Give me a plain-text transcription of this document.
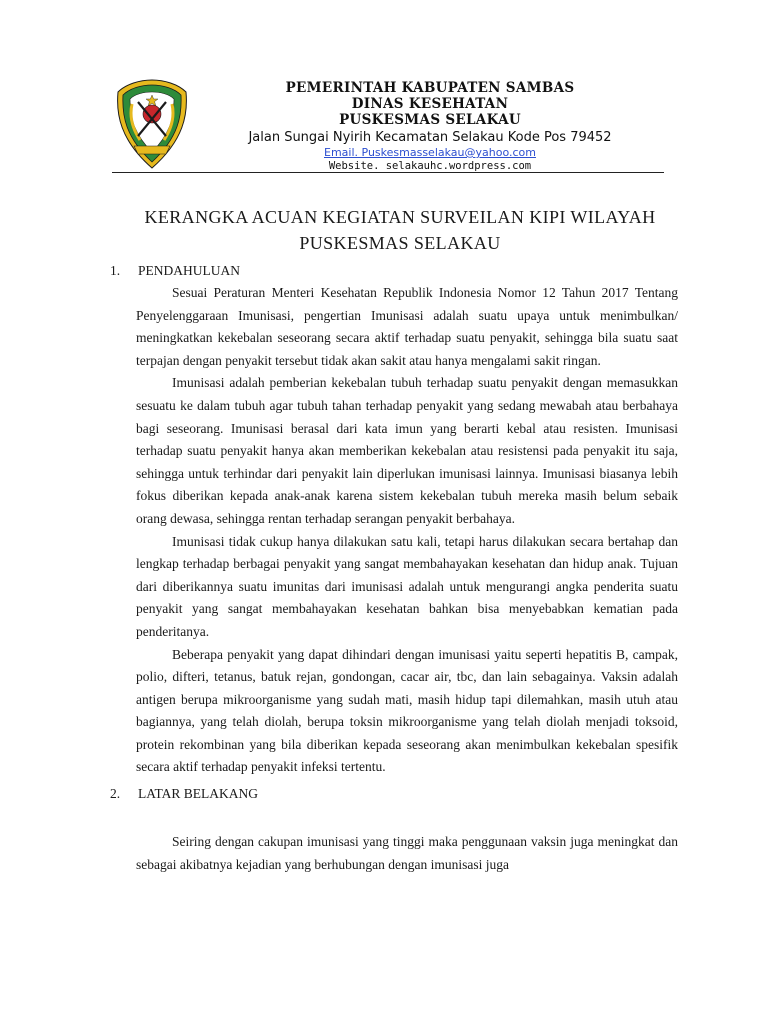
PEMERINTAH KABUPATEN SAMBAS
DINAS KESEHATAN
PUSKESMAS SELAKAU
Jalan Sungai Nyirih Kecamatan Selakau Kode Pos 79452
Email. Puskesmasselakau@yahoo.com
Website. selakauhc.wordpress.com
KERANGKA ACUAN KEGIATAN SURVEILAN KIPI WILAYAH
PUSKESMAS SELAKAU
1.	PENDAHULUAN

Sesuai Peraturan Menteri Kesehatan Republik Indonesia Nomor 12 Tahun 2017 Tentang Penyelenggaraan Imunisasi, pengertian Imunisasi adalah suatu upaya untuk menimbulkan/ meningkatkan kekebalan seseorang secara aktif terhadap suatu penyakit, sehingga bila suatu saat terpajan dengan penyakit tersebut tidak akan sakit atau hanya mengalami sakit ringan.

Imunisasi adalah pemberian kekebalan tubuh terhadap suatu penyakit dengan memasukkan sesuatu ke dalam tubuh agar tubuh tahan terhadap penyakit yang sedang mewabah atau berbahaya bagi seseorang. Imunisasi berasal dari kata imun yang berarti kebal atau resisten. Imunisasi terhadap suatu penyakit hanya akan memberikan kekebalan atau resistensi pada penyakit itu saja, sehingga untuk terhindar dari penyakit lain diperlukan imunisasi lainnya. Imunisasi biasanya lebih fokus diberikan kepada anak-anak karena sistem kekebalan tubuh mereka masih belum sebaik orang dewasa, sehingga rentan terhadap serangan penyakit berbahaya.

Imunisasi tidak cukup hanya dilakukan satu kali, tetapi harus dilakukan secara bertahap dan lengkap terhadap berbagai penyakit yang sangat membahayakan kesehatan dan hidup anak. Tujuan dari diberikannya suatu imunitas dari imunisasi adalah untuk mengurangi angka penderita suatu penyakit yang sangat membahayakan kesehatan bahkan bisa menyebabkan kematian pada penderitanya.

Beberapa penyakit yang dapat dihindari dengan imunisasi yaitu seperti hepatitis B, campak, polio, difteri, tetanus, batuk rejan, gondongan, cacar air, tbc, dan lain sebagainya. Vaksin adalah antigen berupa mikroorganisme yang sudah mati, masih hidup tapi dilemahkan, masih utuh atau bagiannya, yang telah diolah, berupa toksin mikroorganisme yang telah diolah menjadi toksoid, protein rekombinan yang bila diberikan kepada seseorang akan menimbulkan kekebalan spesifik secara aktif terhadap penyakit infeksi tertentu.

2.	LATAR BELAKANG

Seiring dengan cakupan imunisasi yang tinggi maka penggunaan vaksin juga meningkat dan sebagai akibatnya kejadian yang berhubungan dengan imunisasi juga
